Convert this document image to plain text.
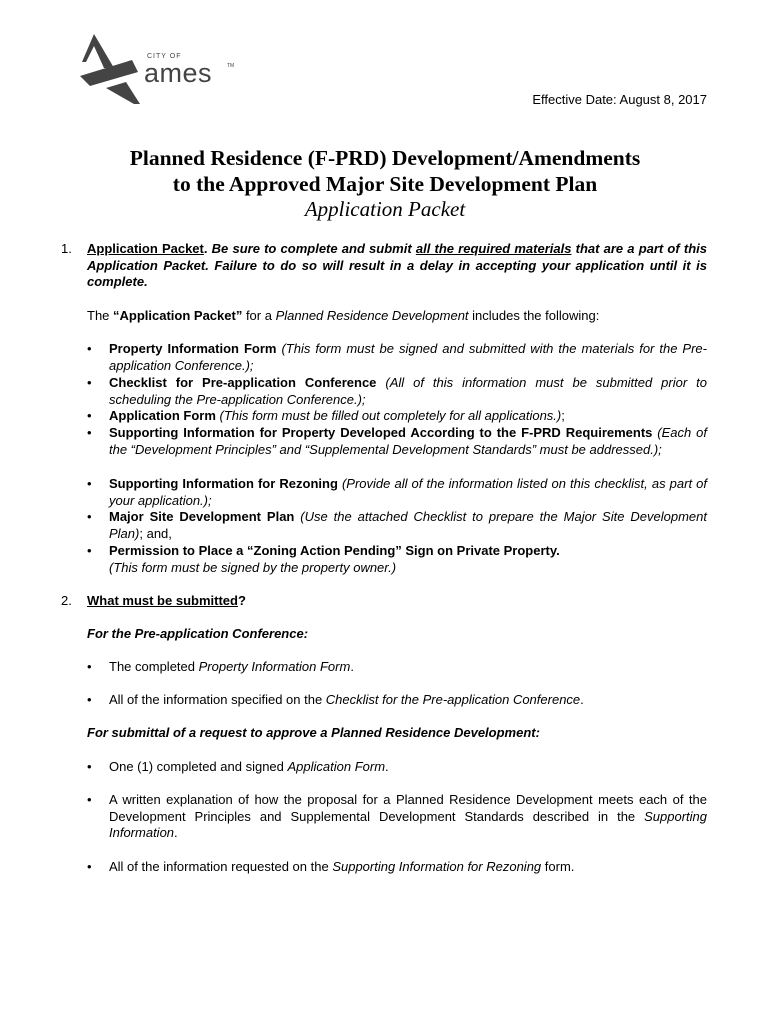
CITY OF
ames	TM
Effective Date: August 8, 2017
Planned Residence (F-PRD) Development/Amendments
to the Approved Major Site Development Plan
Application Packet
1. Application Packet. Be sure to complete and submit all the required materials that are a part of this Application Packet. Failure to do so will result in a delay in accepting your application until it is complete.
The “Application Packet” for a Planned Residence Development includes the following:
• Property Information Form (This form must be signed and submitted with the materials for the Pre-application Conference.);
• Checklist for Pre-application Conference (All of this information must be submitted prior to scheduling the Pre-application Conference.);
• Application Form (This form must be filled out completely for all applications.);
• Supporting Information for Property Developed According to the F-PRD Requirements (Each of the “Development Principles” and “Supplemental Development Standards” must be addressed.);
• Supporting Information for Rezoning (Provide all of the information listed on this checklist, as part of your application.);
• Major Site Development Plan (Use the attached Checklist to prepare the Major Site Development Plan); and,
• Permission to Place a “Zoning Action Pending” Sign on Private Property.
(This form must be signed by the property owner.)
2. What must be submitted?
For the Pre-application Conference:
• The completed Property Information Form.
• All of the information specified on the Checklist for the Pre-application Conference.
For submittal of a request to approve a Planned Residence Development:
• One (1) completed and signed Application Form.
• A written explanation of how the proposal for a Planned Residence Development meets each of the Development Principles and Supplemental Development Standards described in the Supporting Information.
• All of the information requested on the Supporting Information for Rezoning form.
